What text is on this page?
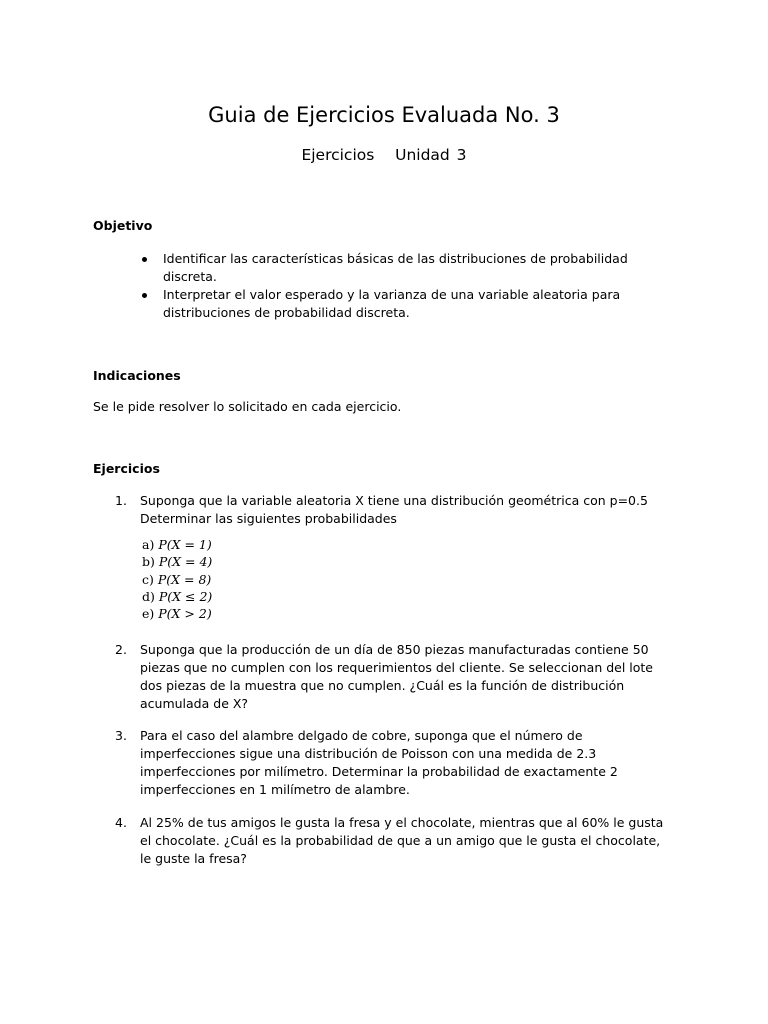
Guia de Ejercicios Evaluada No. 3
Ejercicios   Unidad 3
Objetivo
Identificar las características básicas de las distribuciones de probabilidad discreta.
Interpretar el valor esperado y la varianza de una variable aleatoria para distribuciones de probabilidad discreta.
Indicaciones
Se le pide resolver lo solicitado en cada ejercicio.
Ejercicios
1.	Suponga que la variable aleatoria X tiene una distribución geométrica con p=0.5 Determinar las siguientes probabilidades
a) P(X = 1)
b) P(X = 4)
c) P(X = 8)
d) P(X ≤ 2)
e) P(X > 2)
2.	Suponga que la producción de un día de 850 piezas manufacturadas contiene 50 piezas que no cumplen con los requerimientos del cliente. Se seleccionan del lote dos piezas de la muestra que no cumplen. ¿Cuál es la función de distribución acumulada de X?
3.	Para el caso del alambre delgado de cobre, suponga que el número de imperfecciones sigue una distribución de Poisson con una medida de 2.3 imperfecciones por milímetro. Determinar la probabilidad de exactamente 2 imperfecciones en 1 milímetro de alambre.
4.	Al 25% de tus amigos le gusta la fresa y el chocolate, mientras que al 60% le gusta el chocolate. ¿Cuál es la probabilidad de que a un amigo que le gusta el chocolate, le guste la fresa?
